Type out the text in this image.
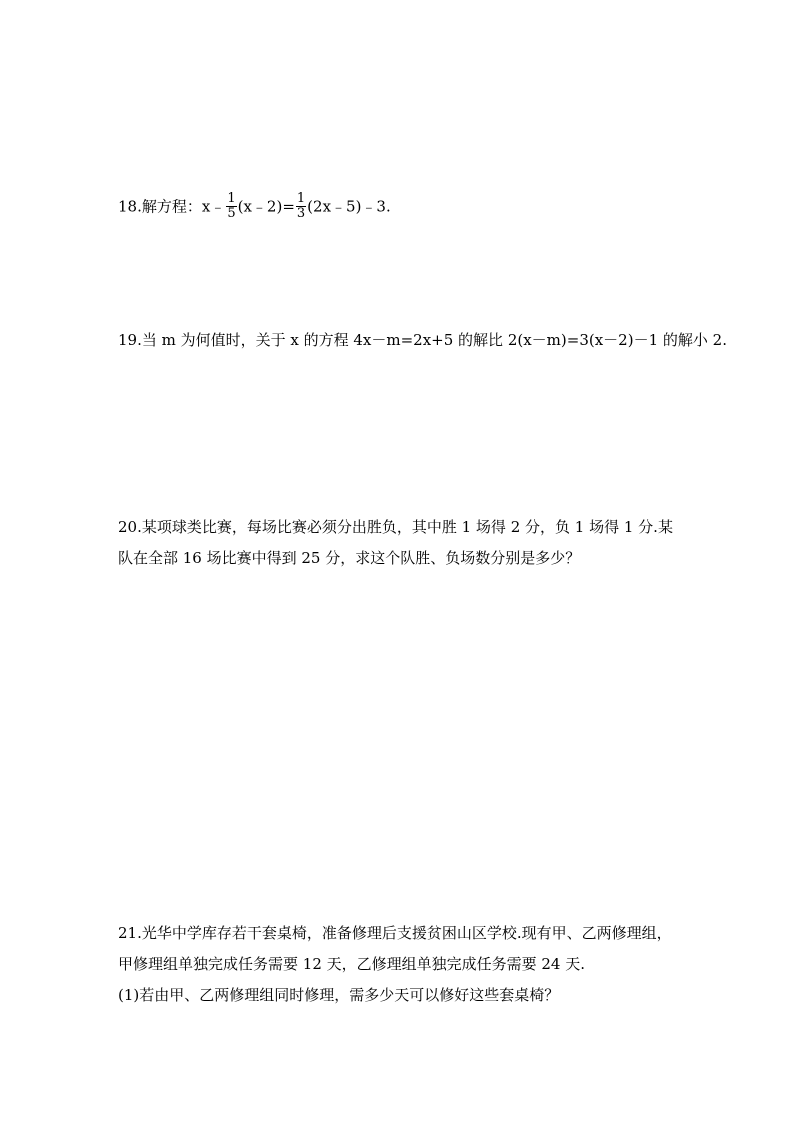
18.解方程：x﹣ $\frac{1}{5}$ (x﹣2)= $\frac{1}{3}$ (2x﹣5)﹣3.
19.当 m 为何值时，关于 x 的方程 4x－m=2x+5 的解比 2(x－m)=3(x－2)－1 的解小 2.
20.某项球类比赛，每场比赛必须分出胜负，其中胜 1 场得 2 分，负 1 场得 1 分.某
队在全部 16 场比赛中得到 25 分，求这个队胜、负场数分别是多少？
21.光华中学库存若干套桌椅，准备修理后支援贫困山区学校.现有甲、乙两修理组，
甲修理组单独完成任务需要 12 天，乙修理组单独完成任务需要 24 天.
(1)若由甲、乙两修理组同时修理，需多少天可以修好这些套桌椅？
